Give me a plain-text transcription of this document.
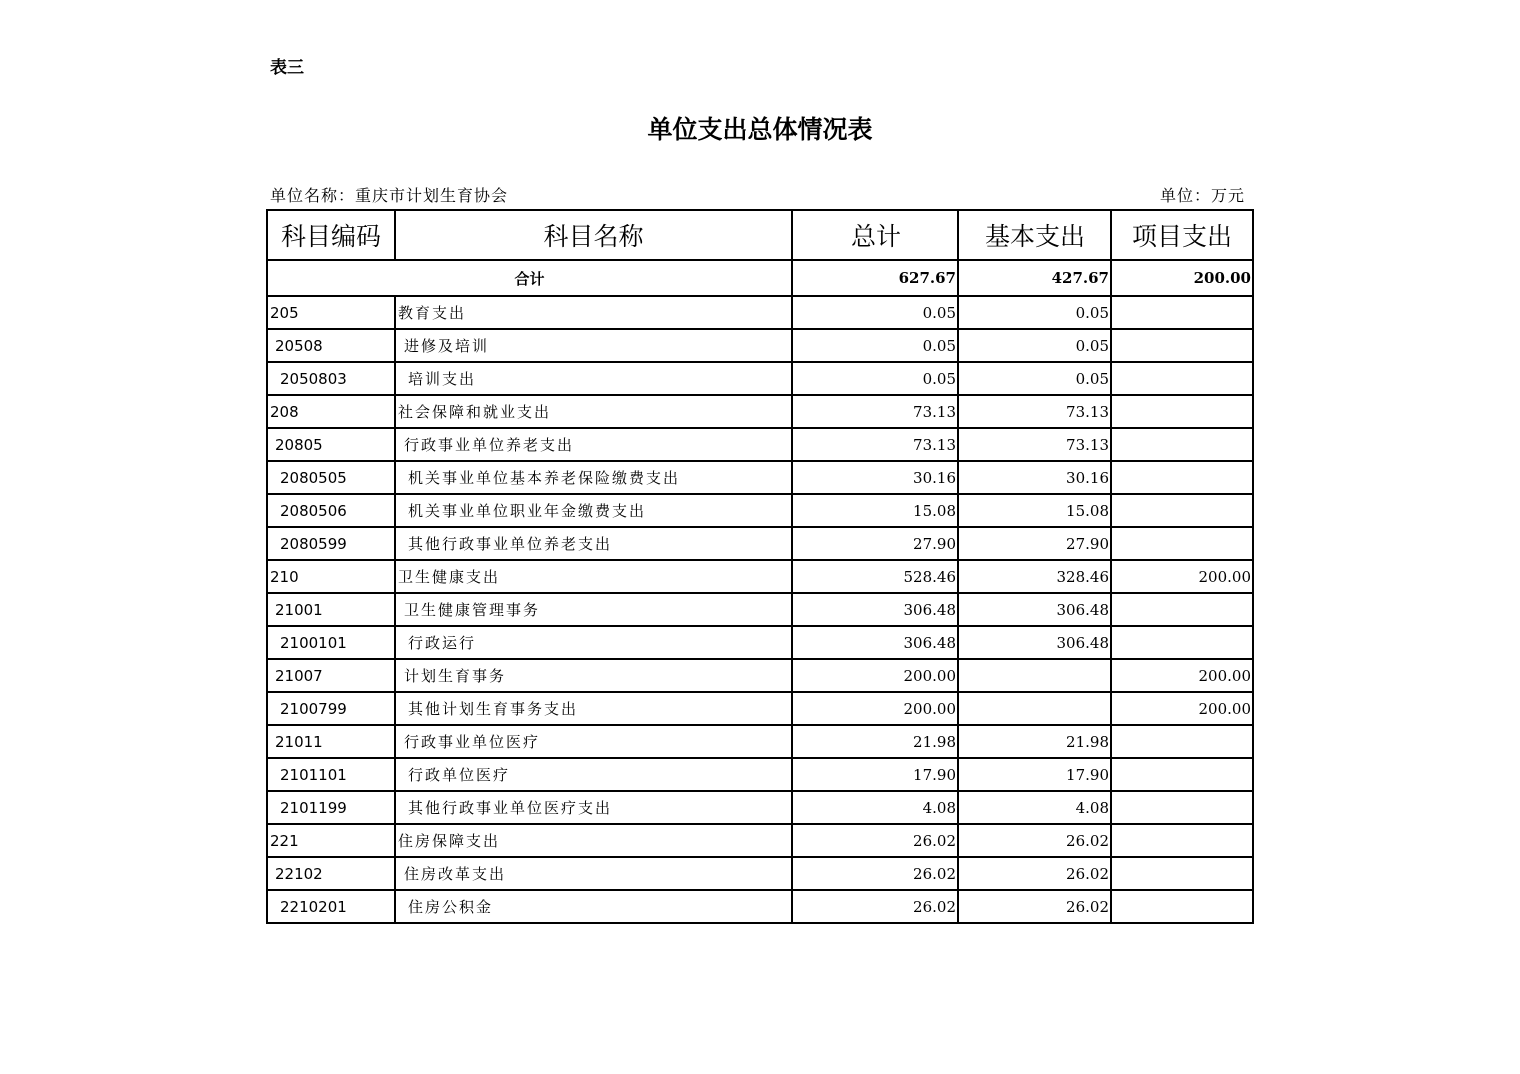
表三
单位支出总体情况表
单位名称：重庆市计划生育协会	单位：万元
科目编码	科目名称	总计	基本支出	项目支出
合计		627.67	427.67	200.00
205	教育支出	0.05	0.05	
20508	进修及培训	0.05	0.05	
2050803	培训支出	0.05	0.05	
208	社会保障和就业支出	73.13	73.13	
20805	行政事业单位养老支出	73.13	73.13	
2080505	机关事业单位基本养老保险缴费支出	30.16	30.16	
2080506	机关事业单位职业年金缴费支出	15.08	15.08	
2080599	其他行政事业单位养老支出	27.90	27.90	
210	卫生健康支出	528.46	328.46	200.00
21001	卫生健康管理事务	306.48	306.48	
2100101	行政运行	306.48	306.48	
21007	计划生育事务	200.00		200.00
2100799	其他计划生育事务支出	200.00		200.00
21011	行政事业单位医疗	21.98	21.98	
2101101	行政单位医疗	17.90	17.90	
2101199	其他行政事业单位医疗支出	4.08	4.08	
221	住房保障支出	26.02	26.02	
22102	住房改革支出	26.02	26.02	
2210201	住房公积金	26.02	26.02	
